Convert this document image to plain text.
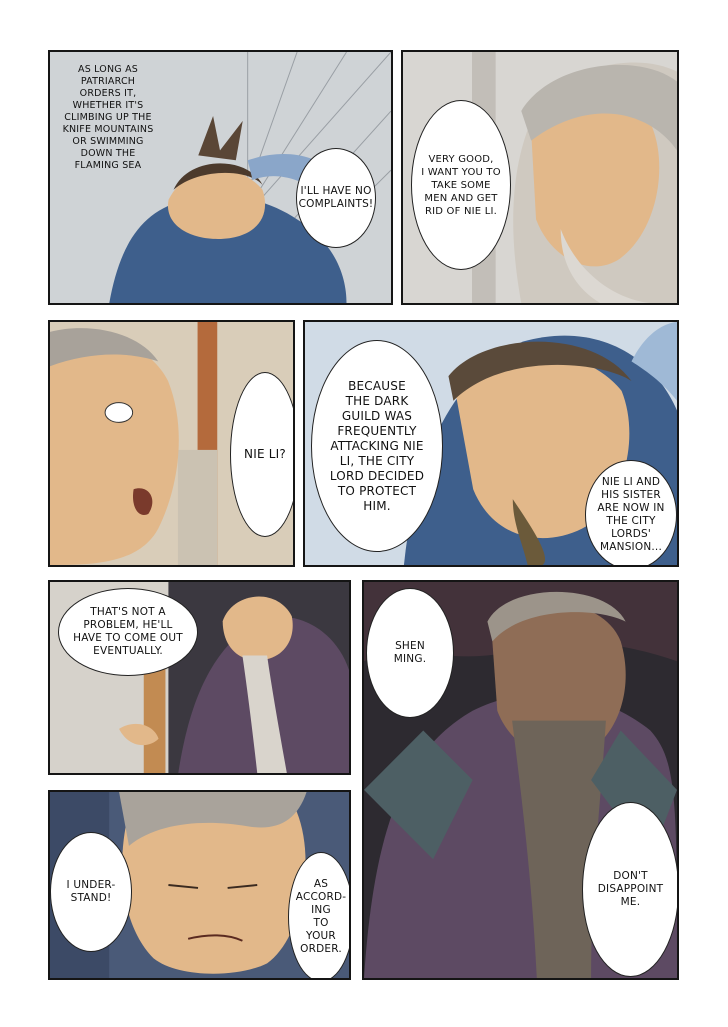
AS LONG AS
PATRIARCH
ORDERS IT,
WHETHER IT'S
CLIMBING UP THE
KNIFE MOUNTAINS
OR SWIMMING
DOWN THE
FLAMING SEA
I'LL HAVE NO
COMPLAINTS!
VERY GOOD,
I WANT YOU TO
TAKE SOME
MEN AND GET
RID OF NIE LI.
NIE LI?
BECAUSE
THE DARK
GUILD WAS
FREQUENTLY
ATTACKING NIE
LI, THE CITY
LORD DECIDED
TO PROTECT
HIM.
NIE LI AND
HIS SISTER
ARE NOW IN
THE CITY
LORDS'
MANSION...
THAT'S NOT A
PROBLEM, HE'LL
HAVE TO COME OUT
EVENTUALLY.
I UNDER-
STAND!
AS
ACCORD-
ING
TO
YOUR
ORDER.
SHEN
MING.
DON'T
DISAPPOINT
ME.
